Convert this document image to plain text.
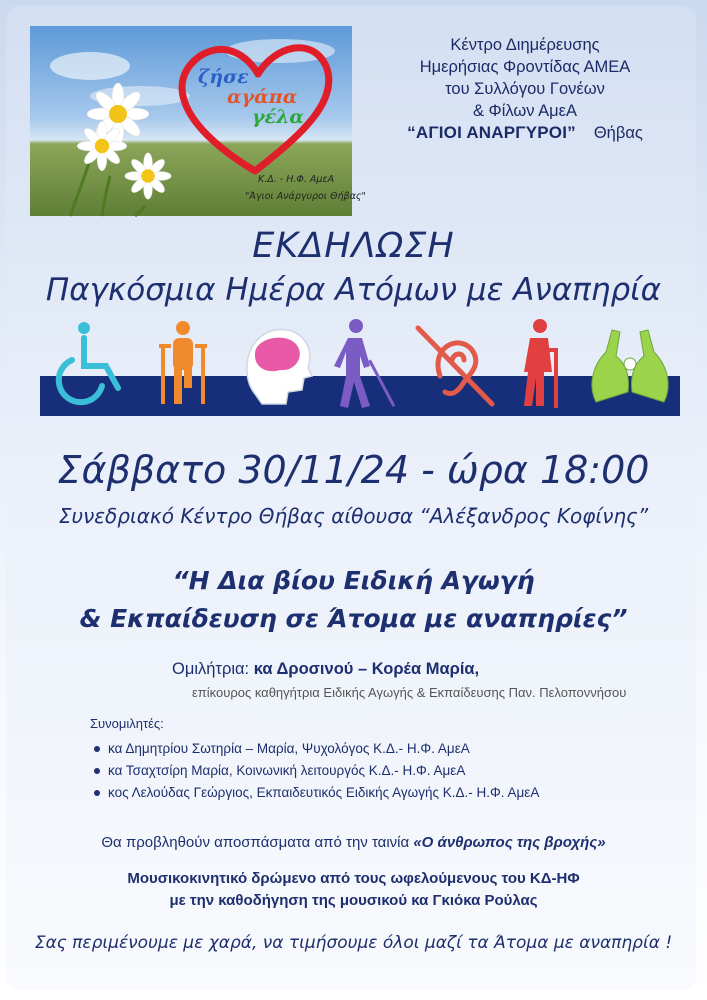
ζήσε
αγάπα
γέλα
Κ.Δ. - Η.Φ. ΑμεΑ
"Άγιοι Ανάργυροι Θήβας"
Κέντρο Διημέρευσης
Ημερήσιας Φροντίδας ΑΜΕΑ
του Συλλόγου Γονέων
& Φίλων ΑμεΑ
“ΑΓΙΟΙ ΑΝΑΡΓΥΡΟΙ” Θήβας
ΕΚΔΗΛΩΣΗ
Παγκόσμια Ημέρα Ατόμων με Αναπηρία
Σάββατο 30/11/24 - ώρα 18:00
Συνεδριακό Κέντρο Θήβας αίθουσα “Αλέξανδρος Κοφίνης”
“Η Δια βίου Ειδική Αγωγή
& Εκπαίδευση σε Άτομα με αναπηρίες”
Ομιλήτρια: κα Δροσινού – Κορέα Μαρία,
επίκουρος καθηγήτρια Ειδικής Αγωγής & Εκπαίδευσης Παν. Πελοποννήσου
Συνομιλητές:
κα Δημητρίου Σωτηρία – Μαρία, Ψυχολόγος Κ.Δ.- Η.Φ. ΑμεΑ
κα Τσαχτσίρη Μαρία, Κοινωνική λειτουργός Κ.Δ.- Η.Φ. ΑμεΑ
κος Λελούδας Γεώργιος, Εκπαιδευτικός Ειδικής Αγωγής Κ.Δ.- Η.Φ. ΑμεΑ
Θα προβληθούν αποσπάσματα από την ταινία «Ο άνθρωπος της βροχής»
Μουσικοκινητικό δρώμενο από τους ωφελούμενους του ΚΔ-ΗΦ
με την καθοδήγηση της μουσικού κα Γκιόκα Ρούλας
Σας περιμένουμε με χαρά, να τιμήσουμε όλοι μαζί τα Άτομα με αναπηρία !
